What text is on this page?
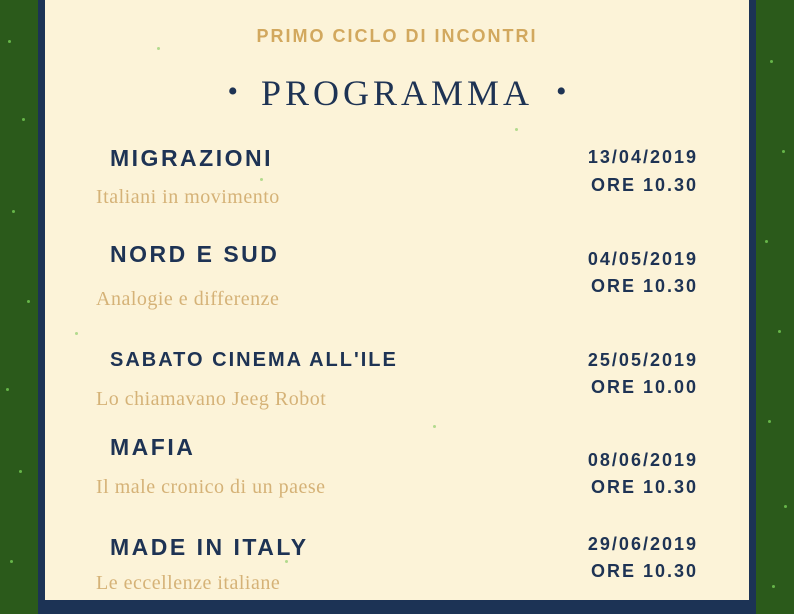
PRIMO CICLO DI INCONTRI
• PROGRAMMA •
MIGRAZIONI
Italiani in movimento
13/04/2019
ORE 10.30
NORD E SUD
Analogie e differenze
04/05/2019
ORE 10.30
SABATO CINEMA ALL'ILE
Lo chiamavano Jeeg Robot
25/05/2019
ORE 10.00
MAFIA
Il male cronico di un paese
08/06/2019
ORE 10.30
MADE IN ITALY
Le eccellenze italiane
29/06/2019
ORE 10.30
